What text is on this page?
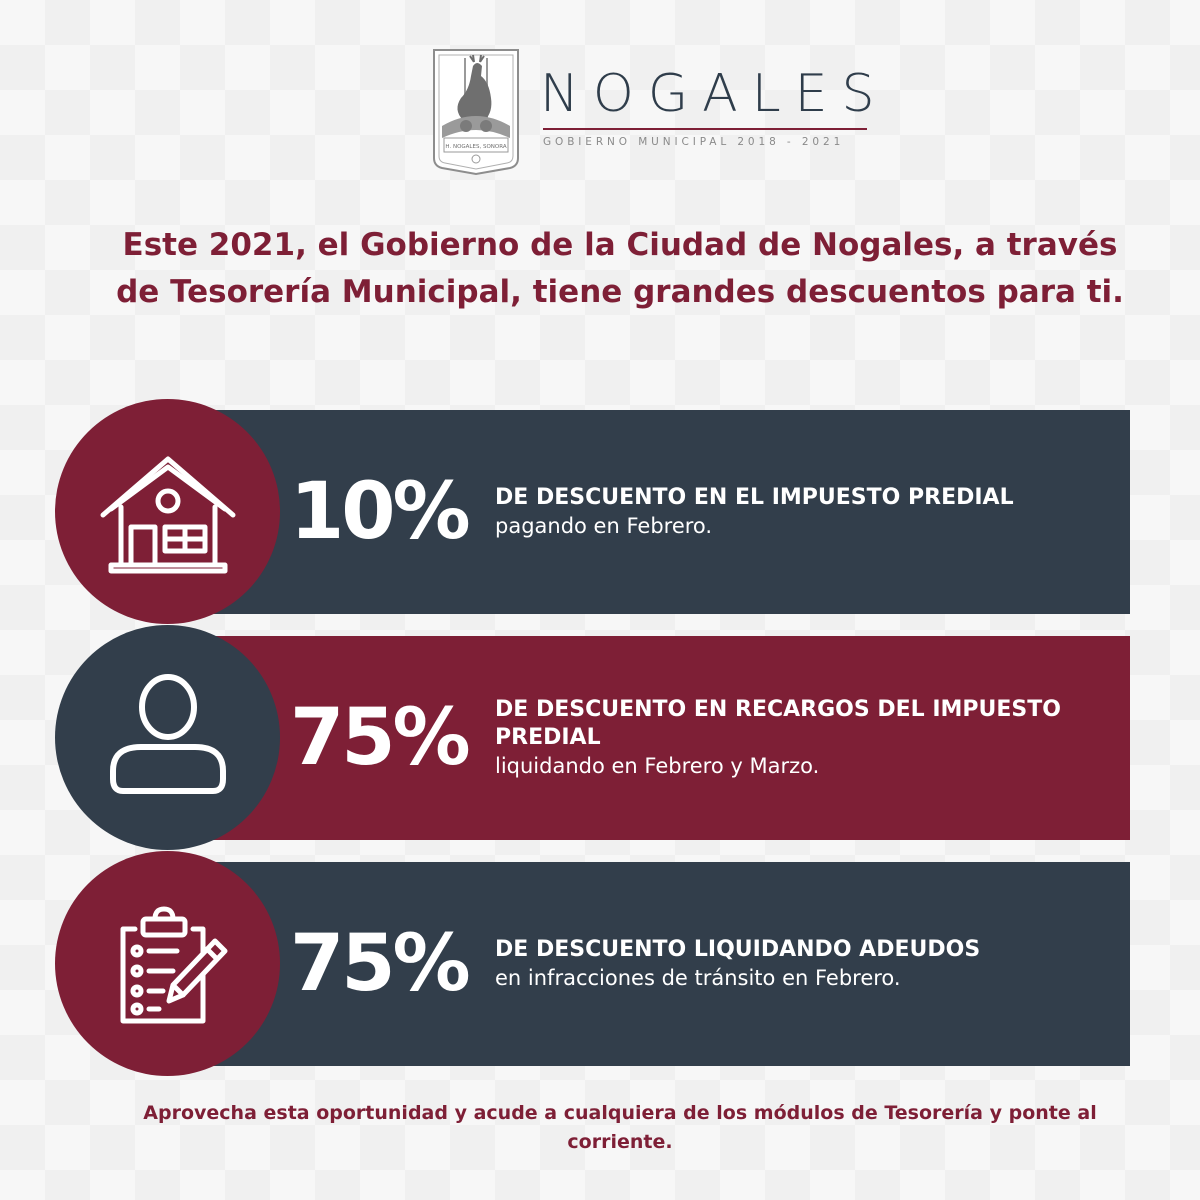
H. NOGALES, SONORA
NOGALES
GOBIERNO MUNICIPAL 2018 - 2021
Este 2021, el Gobierno de la Ciudad de Nogales, a través de Tesorería Municipal, tiene grandes descuentos para ti.
10%	DE DESCUENTO EN EL IMPUESTO PREDIAL
pagando en Febrero.
75%	DE DESCUENTO EN RECARGOS DEL IMPUESTO PREDIAL
liquidando en Febrero y Marzo.
75%	DE DESCUENTO LIQUIDANDO ADEUDOS
en infracciones de tránsito en Febrero.
Aprovecha esta oportunidad y acude a cualquiera de los módulos de Tesorería y ponte al corriente.
